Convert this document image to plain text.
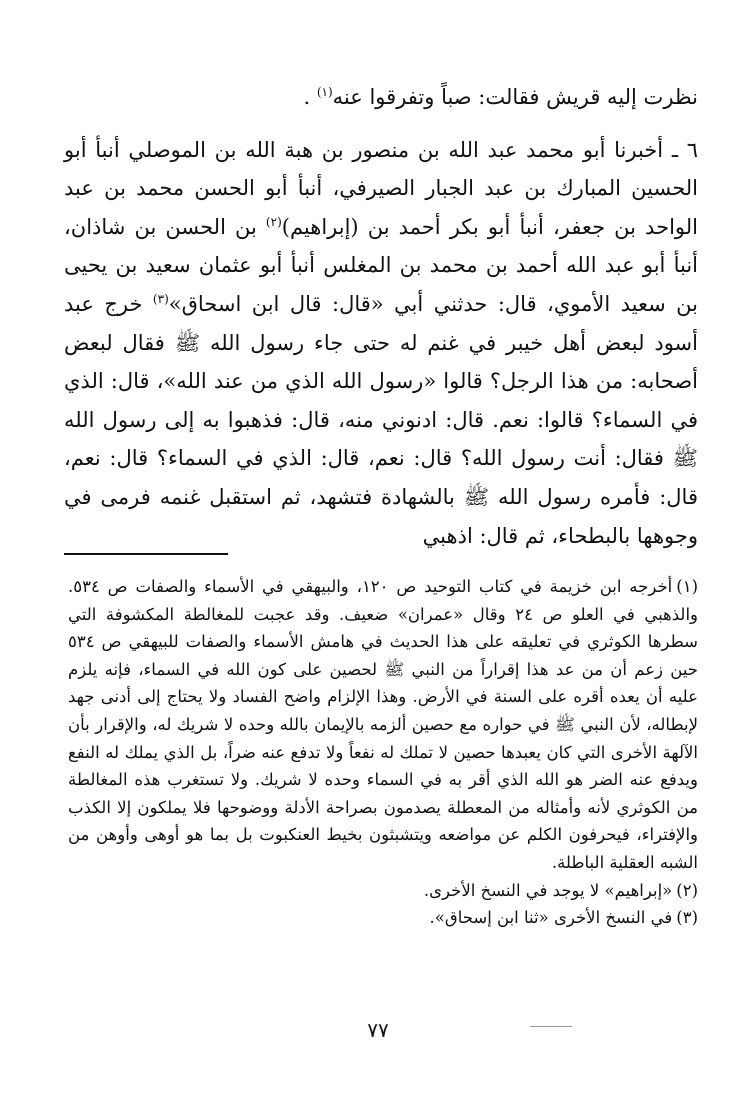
نظرت إليه قريش فقالت: صباً وتفرقوا عنه$^{(١)}$ .

٦ ـ أخبرنا أبو محمد عبد الله بن منصور بن هبة الله بن الموصلي أنبأ أبو الحسين المبارك بن عبد الجبار الصيرفي، أنبأ أبو الحسن محمد بن عبد الواحد بن جعفر، أنبأ أبو بكر أحمد بن (إبراهيم)$^{(٢)}$ بن الحسن بن شاذان، أنبأ أبو عبد الله أحمد بن محمد بن المغلس أنبأ أبو عثمان سعيد بن يحيى بن سعيد الأموي، قال: حدثني أبي «قال: قال ابن اسحاق»$^{(٣)}$ خرج عبد أسود لبعض أهل خيبر في غنم له حتى جاء رسول الله ﷺ فقال لبعض أصحابه: من هذا الرجل؟ قالوا «رسول الله الذي من عند الله»، قال: الذي في السماء؟ قالوا: نعم. قال: ادنوني منه، قال: فذهبوا به إلى رسول الله ﷺ فقال: أنت رسول الله؟ قال: نعم، قال: الذي في السماء؟ قال: نعم، قال: فأمره رسول الله ﷺ بالشهادة فتشهد، ثم استقبل غنمه فرمى في وجوهها بالبطحاء، ثم قال: اذهبي

(١)أخرجه ابن خزيمة في كتاب التوحيد ص ١٢٠، والبيهقي في الأسماء والصفات ص ٥٣٤. والذهبي في العلو ص ٢٤ وقال «عمران» ضعيف. وقد عجبت للمغالطة المكشوفة التي سطرها الكوثري في تعليقه على هذا الحديث في هامش الأسماء والصفات للبيهقي ص ٥٣٤ حين زعم أن من عد هذا إقراراً من النبي ﷺ لحصين على كون الله في السماء، فإنه يلزم عليه أن يعده أقره على السنة في الأرض. وهذا الإلزام واضح الفساد ولا يحتاج إلى أدنى جهد لإبطاله، لأن النبي ﷺ في حواره مع حصين ألزمه بالإيمان بالله وحده لا شريك له، والإقرار بأن الآلهة الأخرى التي كان يعبدها حصين لا تملك له نفعاً ولا تدفع عنه ضراً، بل الذي يملك له النفع ويدفع عنه الضر هو الله الذي أقر به في السماء وحده لا شريك. ولا تستغرب هذه المغالطة من الكوثري لأنه وأمثاله من المعطلة يصدمون بصراحة الأدلة ووضوحها فلا يملكون إلا الكذب والإفتراء، فيحرفون الكلم عن مواضعه ويتشبثون بخيط العنكبوت بل بما هو أوهى وأوهن من الشبه العقلية الباطلة.

(٢)«إبراهيم» لا يوجد في النسخ الأخرى.

(٣)في النسخ الأخرى «ثنا ابن إسحاق».

٧٧
